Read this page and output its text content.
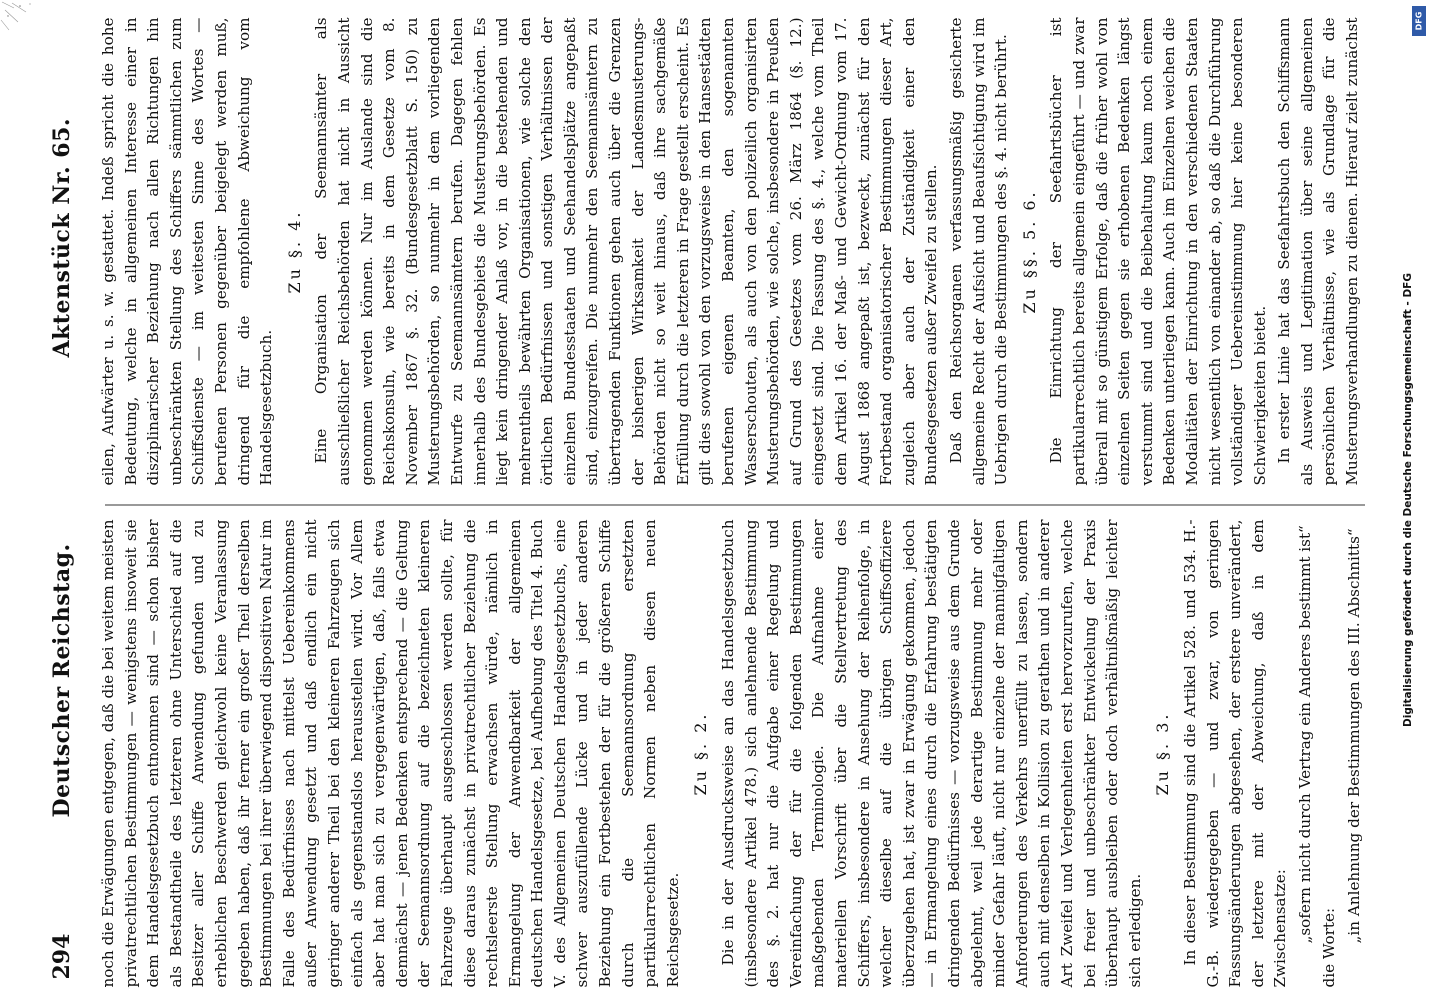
294
Deutscher Reichstag.
Aktenstück Nr. 65.

noch die Erwägungen entgegen, daß die bei weitem meisten privatrechtlichen Bestimmungen — wenigstens insoweit sie dem Handelsgesetzbuch entnommen sind — schon bisher als Bestandtheile des letzteren ohne Unterschied auf die Besitzer aller Schiffe Anwendung gefunden und zu erheblichen Beschwerden gleichwohl keine Veranlassung gegeben haben, daß ihr ferner ein großer Theil derselben Bestimmungen bei ihrer überwiegend dispositiven Natur im Falle des Bedürfnisses nach mittelst Uebereinkommens außer Anwendung gesetzt und daß endlich ein nicht geringer anderer Theil bei den kleineren Fahrzeugen sich einfach als gegenstandslos herausstellen wird. Vor Allem aber hat man sich zu vergegenwärtigen, daß, falls etwa demnächst — jenen Bedenken entsprechend — die Geltung der Seemannsordnung auf die bezeichneten kleineren Fahrzeuge überhaupt ausgeschlossen werden sollte, für diese daraus zunächst in privatrechtlicher Beziehung die rechtsleerste Stellung erwachsen würde, nämlich in Ermangelung der Anwendbarkeit der allgemeinen deutschen Handelsgesetze, bei Aufhebung des Titel 4. Buch V. des Allgemeinen Deutschen Handelsgesetzbuchs, eine schwer auszufüllende Lücke und in jeder anderen Beziehung ein Fortbestehen der für die größeren Schiffe durch die Seemannsordnung ersetzten partikularrechtlichen Normen neben diesen neuen Reichsgesetze.

Zu §. 2. Die in der Ausdrucksweise an das Handelsgesetzbuch (insbesondere Artikel 478.) sich anlehnende Bestimmung des §. 2. hat nur die Aufgabe einer Regelung und Vereinfachung der für die folgenden Bestimmungen maßgebenden Terminologie. Die Aufnahme einer materiellen Vorschrift über die Stellvertretung des Schiffers, insbesondere in Ansehung der Reihenfolge, in welcher dieselbe auf die übrigen Schiffsoffiziere überzugehen hat, ist zwar in Erwägung gekommen, jedoch — in Ermangelung eines durch die Erfahrung bestätigten dringenden Bedürfnisses — vorzugsweise aus dem Grunde abgelehnt, weil jede derartige Bestimmung mehr oder minder Gefahr läuft, nicht nur einzelne der mannigfaltigen Anforderungen des Verkehrs unerfüllt zu lassen, sondern auch mit denselben in Kollision zu gerathen und in anderer Art Zweifel und Verlegenheiten erst hervorzurufen, welche bei freier und unbeschränkter Entwickelung der Praxis überhaupt ausbleiben oder doch verhältnißmäßig leichter sich erledigen.

Zu §. 3. In dieser Bestimmung sind die Artikel 528. und 534. H.-G.-B. wiedergegeben — und zwar, von geringen Fassungsänderungen abgesehen, der erstere unverändert, der letztere mit der Abweichung, daß in dem Zwischensatze: „sofern nicht durch Vertrag ein Anderes bestimmt ist“

die Worte:

„in Anlehnung der Bestimmungen des III. Abschnitts“

eilen, Aufwärter u. s. w. gestattet. Indeß spricht die hohe Bedeutung, welche in allgemeinen Interesse einer in disziplinarischer Beziehung nach allen Richtungen hin unbeschränkten Stellung des Schiffers sämmtlichen zum Schiffsdienste — im weitesten Sinne des Wortes — berufenen Personen gegenüber beigelegt werden muß, dringend für die empfohlene Abweichung vom Handelsgesetzbuch.

Zu §. 4. Eine Organisation der Seemannsämter als ausschließlicher Reichsbehörden hat nicht in Aussicht genommen werden können. Nur im Auslande sind die Reichskonsuln, wie bereits in dem Gesetze vom 8. November 1867 §. 32. (Bundesgesetzblatt S. 150) zu Musterungsbehörden, so nunmehr in dem vorliegenden Entwurfe zu Seemannsämtern berufen. Dagegen fehlen innerhalb des Bundesgebiets die Musterungsbehörden. Es liegt kein dringender Anlaß vor, in die bestehenden und mehrentheils bewährten Organisationen, wie solche den örtlichen Bedürfnissen und sonstigen Verhältnissen der einzelnen Bundesstaaten und Seehandelsplätze angepaßt sind, einzugreifen. Die nunmehr den Seemannsämtern zu übertragenden Funktionen gehen auch über die Grenzen der bisherigen Wirksamkeit der Landesmusterungs-Behörden nicht so weit hinaus, daß ihre sachgemäße Erfüllung durch die letzteren in Frage gestellt erscheint. Es gilt dies sowohl von den vorzugsweise in den Hansestädten berufenen eigenen Beamten, den sogenannten Wasserschouten, als auch von den polizeilich organisirten Musterungsbehörden, wie solche, insbesondere in Preußen auf Grund des Gesetzes vom 26. März 1864 (§. 12.) eingesetzt sind. Die Fassung des §. 4., welche vom Theil dem Artikel 16. der Maß- und Gewicht-Ordnung vom 17. August 1868 angepaßt ist, bezweckt, zunächst für den Fortbestand organisatorischer Bestimmungen dieser Art, zugleich aber auch der Zuständigkeit einer den Bundesgesetzen außer Zweifel zu stellen. Daß den Reichsorganen verfassungsmäßig gesicherte allgemeine Recht der Aufsicht und Beaufsichtigung wird im Uebrigen durch die Bestimmungen des §. 4. nicht berührt. Zu §§. 5. 6. Die Einrichtung der Seefahrtsbücher ist partikularrechtlich bereits allgemein eingeführt — und zwar überall mit so günstigem Erfolge, daß die früher wohl von einzelnen Seiten gegen sie erhobenen Bedenken längst verstummt sind und die Beibehaltung kaum noch einem Bedenken unterliegen kann. Auch im Einzelnen weichen die Modalitäten der Einrichtung in den verschiedenen Staaten nicht wesentlich von einander ab, so daß die Durchführung vollständiger Uebereinstimmung hier keine besonderen Schwierigkeiten bietet. In erster Linie hat das Seefahrtsbuch den Schiffsmann als Ausweis und Legitimation über seine allgemeinen persönlichen Verhältnisse, wie als Grundlage für die Musterungsverhandlungen zu dienen. Hierauf zielt zunächst

Digitalisierung gefördert durch die Deutsche Forschungsgemeinschaft - DFG
DFG
